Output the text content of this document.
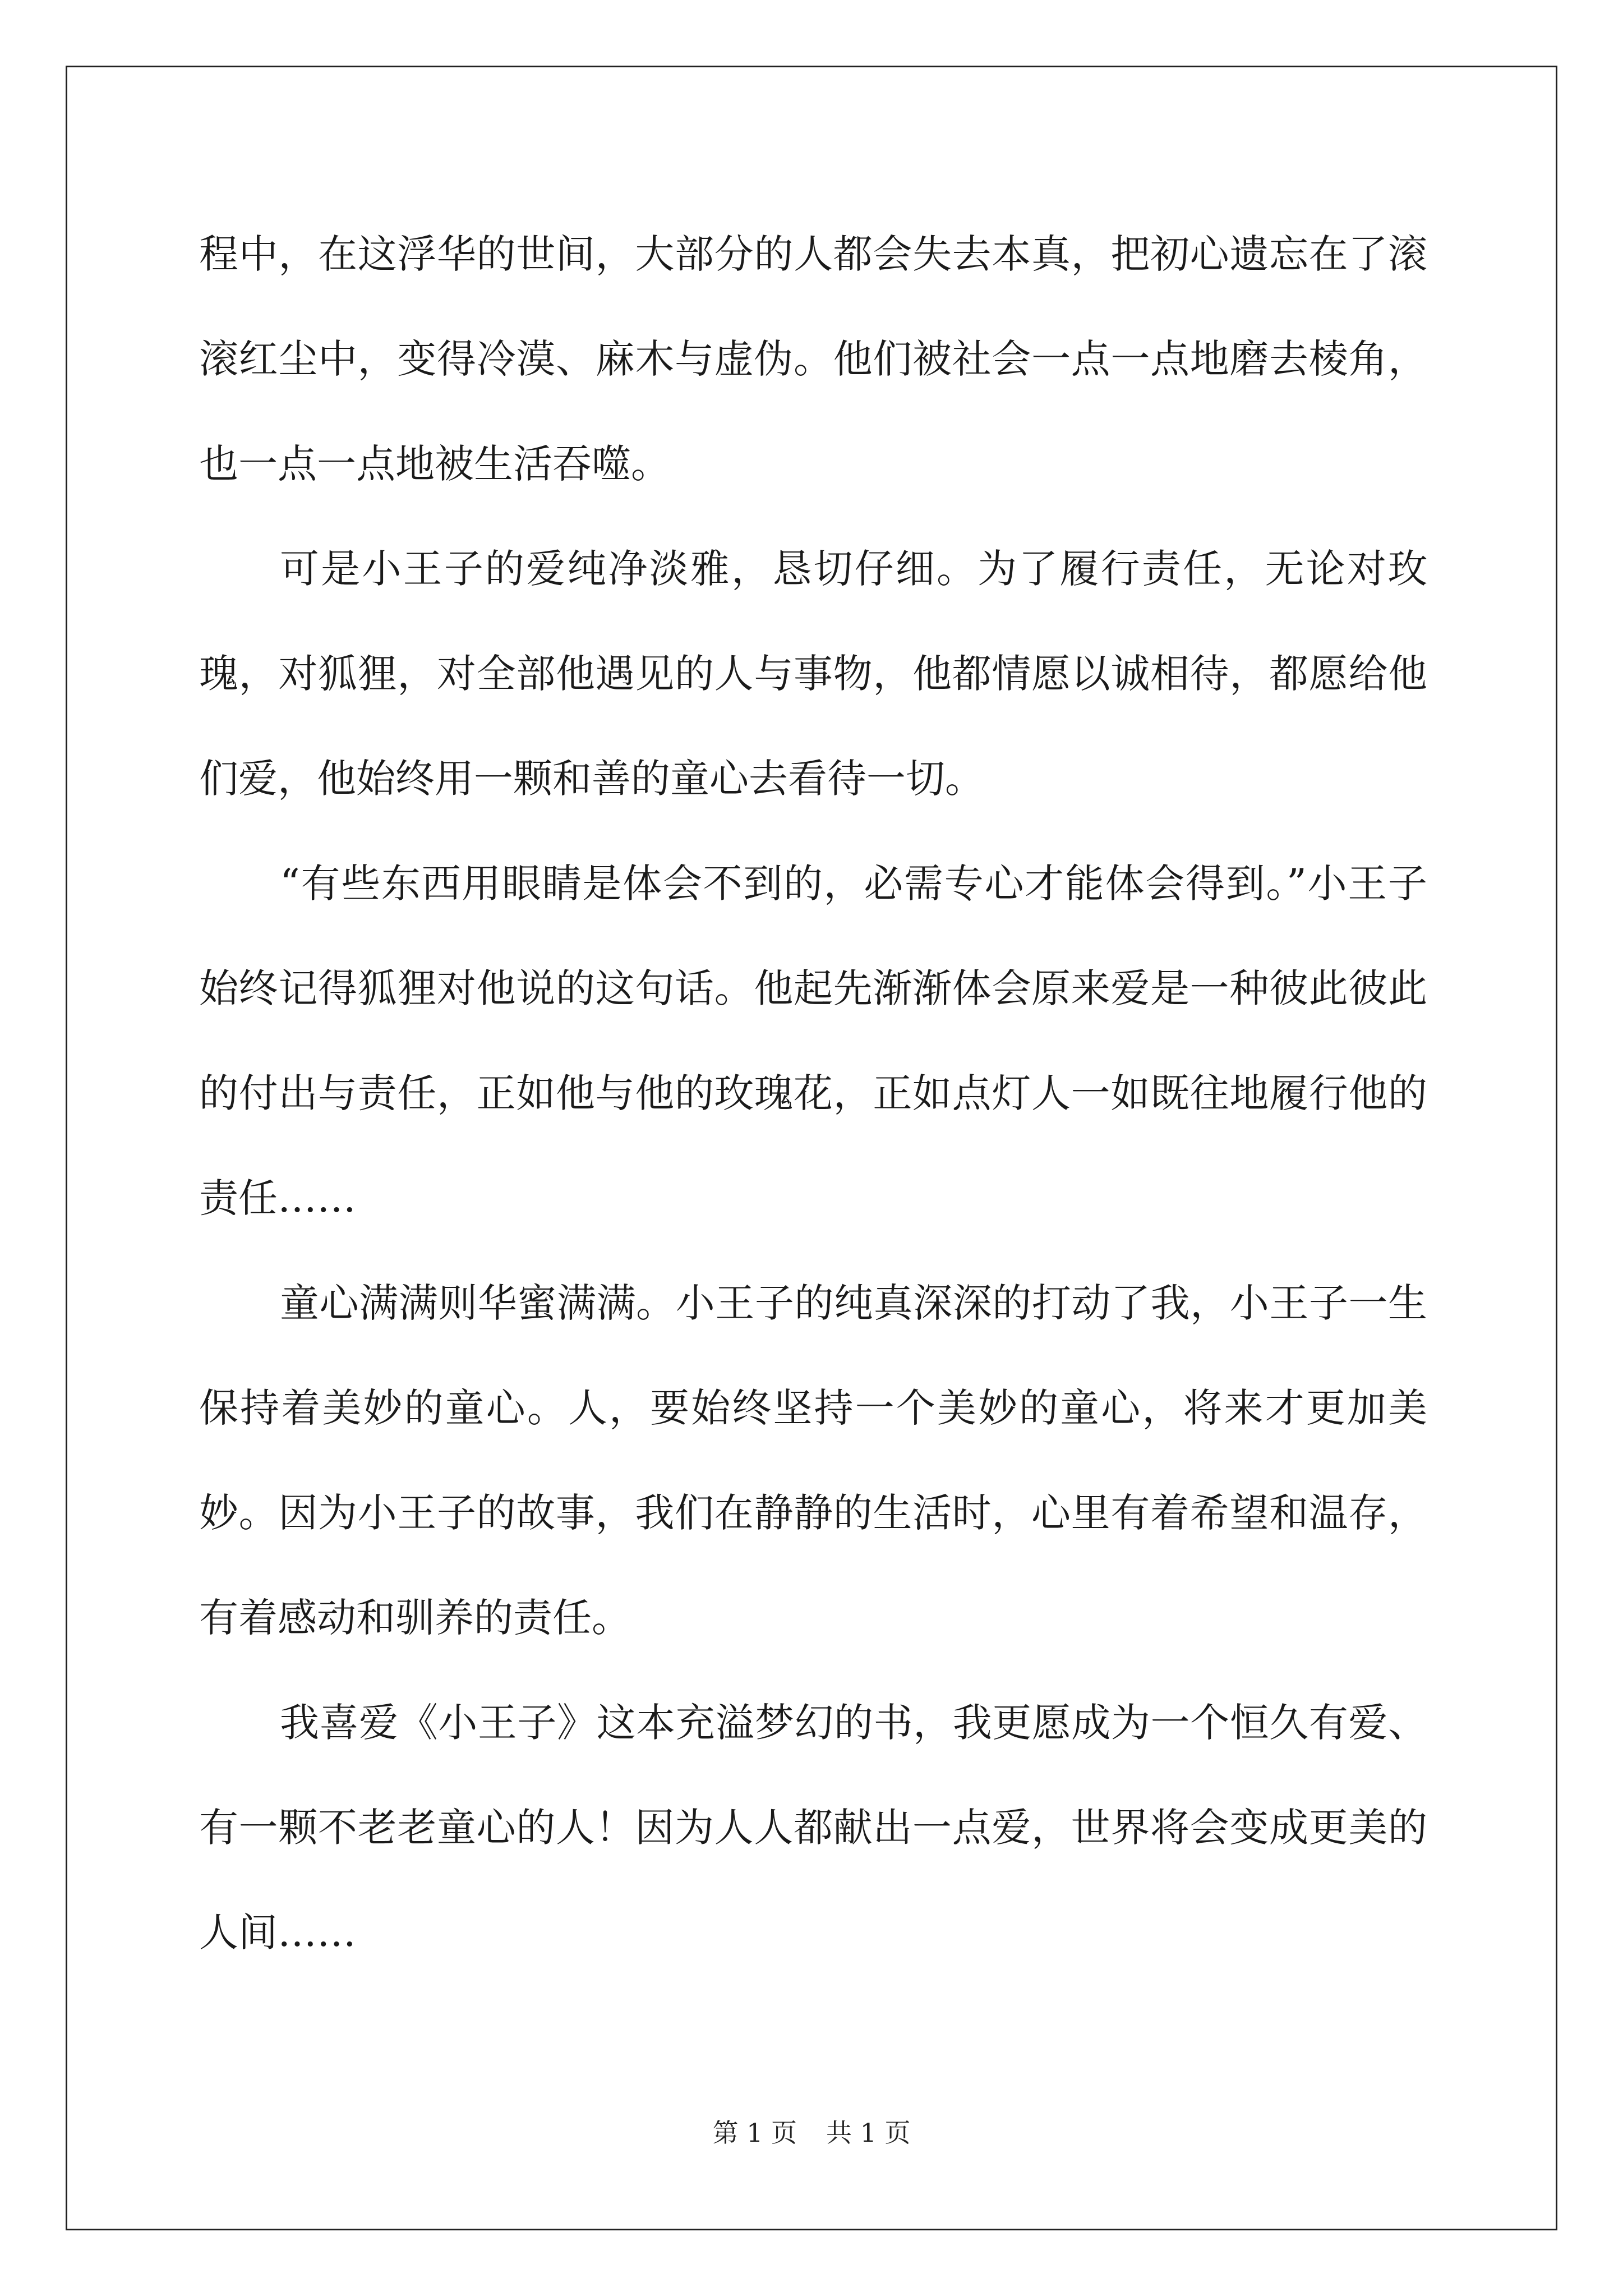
程中，在这浮华的世间，大部分的人都会失去本真，把初心遗忘在了滚滚红尘中，变得冷漠、麻木与虚伪。他们被社会一点一点地磨去棱角，也一点一点地被生活吞噬。

可是小王子的爱纯净淡雅，恳切仔细。为了履行责任，无论对玫瑰，对狐狸，对全部他遇见的人与事物，他都情愿以诚相待，都愿给他们爱，他始终用一颗和善的童心去看待一切。

“有些东西用眼睛是体会不到的，必需专心才能体会得到。”小王子始终记得狐狸对他说的这句话。他起先渐渐体会原来爱是一种彼此彼此的付出与责任，正如他与他的玫瑰花，正如点灯人一如既往地履行他的责任……

童心满满则华蜜满满。小王子的纯真深深的打动了我，小王子一生保持着美妙的童心。人，要始终坚持一个美妙的童心，将来才更加美妙。因为小王子的故事，我们在静静的生活时，心里有着希望和温存，有着感动和驯养的责任。

我喜爱《小王子》这本充溢梦幻的书，我更愿成为一个恒久有爱、有一颗不老老童心的人！因为人人都献出一点爱，世界将会变成更美的人间……

第 1 页 共 1 页
